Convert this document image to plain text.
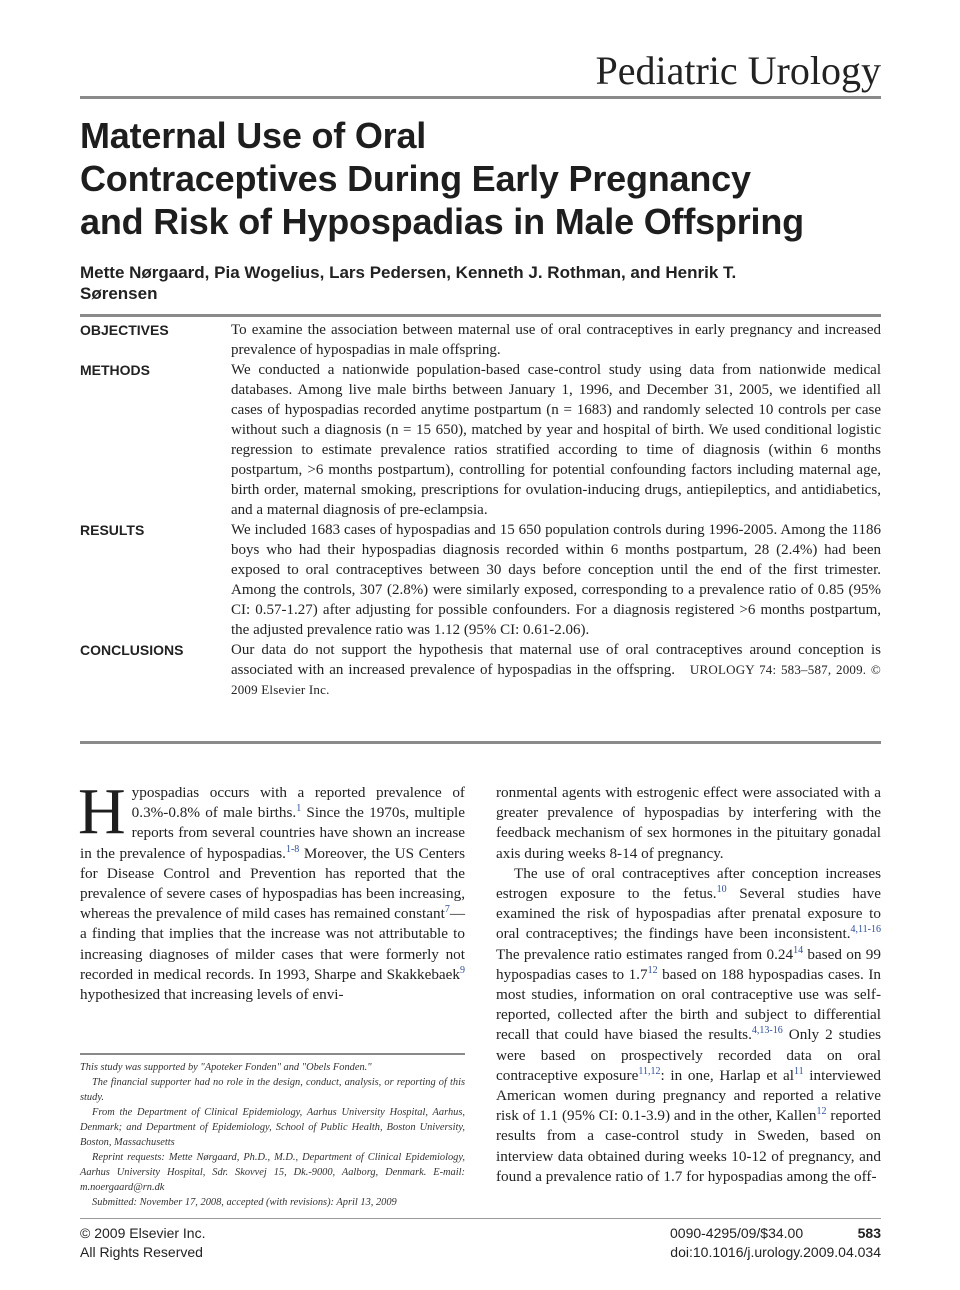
Pediatric Urology
Maternal Use of Oral
Contraceptives During Early Pregnancy
and Risk of Hypospadias in Male Offspring
Mette Nørgaard, Pia Wogelius, Lars Pedersen, Kenneth J. Rothman, and Henrik T. Sørensen
OBJECTIVES	To examine the association between maternal use of oral contraceptives in early pregnancy and increased prevalence of hypospadias in male offspring.
METHODS	We conducted a nationwide population-based case-control study using data from nationwide medical databases. Among live male births between January 1, 1996, and December 31, 2005, we identified all cases of hypospadias recorded anytime postpartum (n = 1683) and randomly selected 10 controls per case without such a diagnosis (n = 15 650), matched by year and hospital of birth. We used conditional logistic regression to estimate prevalence ratios stratified according to time of diagnosis (within 6 months postpartum, >6 months postpartum), controlling for potential confounding factors including maternal age, birth order, maternal smoking, prescriptions for ovulation-inducing drugs, antiepileptics, and antidiabetics, and a maternal diagnosis of pre-eclampsia.
RESULTS	We included 1683 cases of hypospadias and 15 650 population controls during 1996-2005. Among the 1186 boys who had their hypospadias diagnosis recorded within 6 months postpartum, 28 (2.4%) had been exposed to oral contraceptives between 30 days before conception until the end of the first trimester. Among the controls, 307 (2.8%) were similarly exposed, corresponding to a prevalence ratio of 0.85 (95% CI: 0.57-1.27) after adjusting for possible confounders. For a diagnosis registered >6 months postpartum, the adjusted prevalence ratio was 1.12 (95% CI: 0.61-2.06).
CONCLUSIONS	Our data do not support the hypothesis that maternal use of oral contraceptives around conception is associated with an increased prevalence of hypospadias in the offspring. UROLOGY 74: 583–587, 2009. © 2009 Elsevier Inc.

Hypospadias occurs with a reported prevalence of 0.3%-0.8% of male births.$^1$ Since the 1970s, multiple reports from several countries have shown an increase in the prevalence of hypospadias.$^{1-8}$ Moreover, the US Centers for Disease Control and Prevention has reported that the prevalence of severe cases of hypospadias has been increasing, whereas the prevalence of mild cases has remained constant$^7$—a finding that implies that the increase was not attributable to increasing diagnoses of milder cases that were formerly not recorded in medical records. In 1993, Sharpe and Skakkebaek$^9$ hypothesized that increasing levels of envi-

ronmental agents with estrogenic effect were associated with a greater prevalence of hypospadias by interfering with the feedback mechanism of sex hormones in the pituitary gonadal axis during weeks 8-14 of pregnancy.

The use of oral contraceptives after conception increases estrogen exposure to the fetus.$^{10}$ Several studies have examined the risk of hypospadias after prenatal exposure to oral contraceptives; the findings have been inconsistent.$^{4,11-16}$ The prevalence ratio estimates ranged from 0.24$^{14}$ based on 99 hypospadias cases to $1.7^{12}$ based on 188 hypospadias cases. In most studies, information on oral contraceptive use was self-reported, collected after the birth and subject to differential recall that could have biased the results.$^{4,13-16}$ Only 2 studies were based on prospectively recorded data on oral contraceptive exposure$^{11,12}$: in one, Harlap et $al^{11}$ interviewed American women during pregnancy and reported a relative risk of 1.1 (95% CI: 0.1-3.9) and in the other, Kallen$^{12}$ reported results from a case-control study in Sweden, based on interview data obtained during weeks 10-12 of pregnancy, and found a prevalence ratio of 1.7 for hypospadias among the off-

This study was supported by "Apoteker Fonden" and "Obels Fonden."

The financial supporter had no role in the design, conduct, analysis, or reporting of this study.

From the Department of Clinical Epidemiology, Aarhus University Hospital, Aarhus, Denmark; and Department of Epidemiology, School of Public Health, Boston University, Boston, Massachusetts

Reprint requests: Mette Nørgaard, Ph.D., M.D., Department of Clinical Epidemiology, Aarhus University Hospital, Sdr. Skovvej 15, Dk.-9000, Aalborg, Denmark. E-mail: m.noergaard@rn.dk

Submitted: November 17, 2008, accepted (with revisions): April 13, 2009

© 2009 Elsevier Inc.
All Rights Reserved
0090-4295/09/$34.00
doi:10.1016/j.urology.2009.04.034
583
